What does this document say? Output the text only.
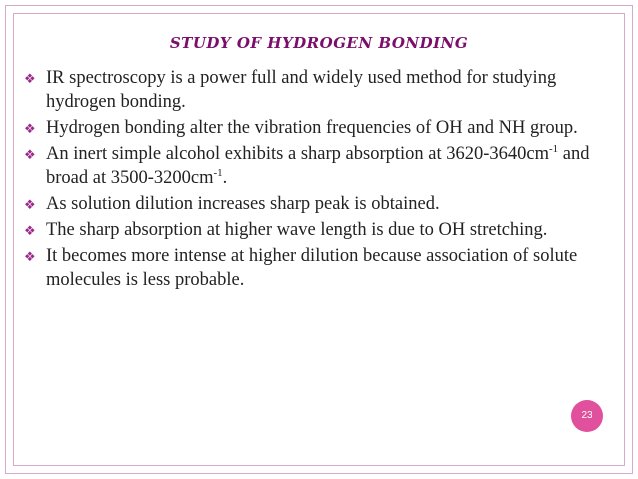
STUDY OF HYDROGEN BONDING
❖ IR spectroscopy is a power full and widely used method for studying hydrogen bonding.
❖ Hydrogen bonding alter the vibration frequencies of OH and NH group.
❖ An inert simple alcohol exhibits a sharp absorption at $3620-3640cm^{-1}$ and broad at $3500-3200cm^{-1}$.
❖ As solution dilution increases sharp peak is obtained.
❖ The sharp absorption at higher wave length is due to OH stretching.
❖ It becomes more intense at higher dilution because association of solute molecules is less probable.
23
